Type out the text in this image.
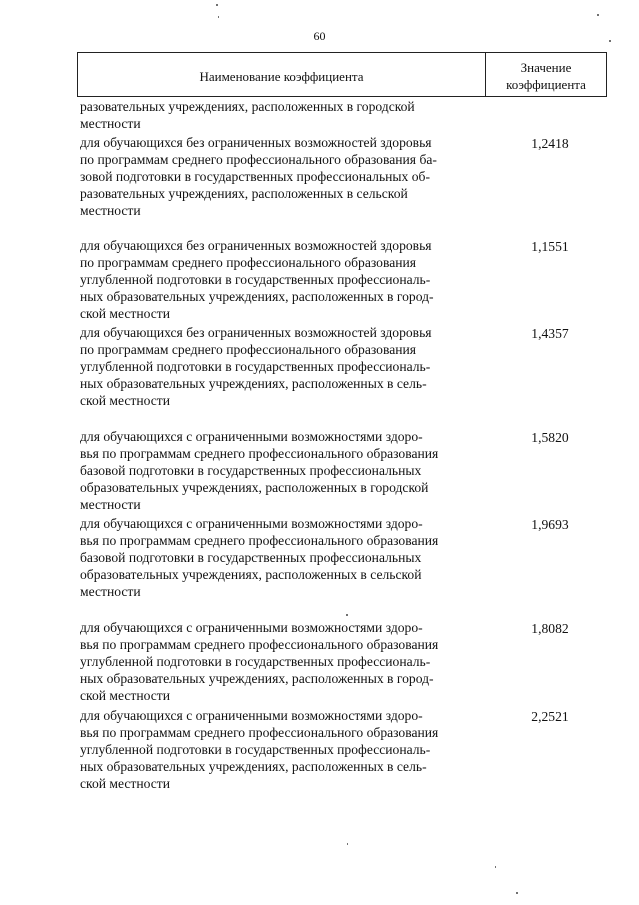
60
Наименование коэффициента
Значение
коэффициента
разовательных учреждениях, расположенных в городской
местности
для обучающихся без ограниченных возможностей здоровья
по программам среднего профессионального образования ба-
зовой подготовки в государственных профессиональных об-
разовательных учреждениях, расположенных в сельской
местности
1,2418
для обучающихся без ограниченных возможностей здоровья
по программам среднего профессионального образования
углубленной подготовки в государственных профессиональ-
ных образовательных учреждениях, расположенных в город-
ской местности
1,1551
для обучающихся без ограниченных возможностей здоровья
по программам среднего профессионального образования
углубленной подготовки в государственных профессиональ-
ных образовательных учреждениях, расположенных в сель-
ской местности
1,4357
для обучающихся с ограниченными возможностями здоро-
вья по программам среднего профессионального образования
базовой подготовки в государственных профессиональных
образовательных учреждениях, расположенных в городской
местности
1,5820
для обучающихся с ограниченными возможностями здоро-
вья по программам среднего профессионального образования
базовой подготовки в государственных профессиональных
образовательных учреждениях, расположенных в сельской
местности
1,9693
для обучающихся с ограниченными возможностями здоро-
вья по программам среднего профессионального образования
углубленной подготовки в государственных профессиональ-
ных образовательных учреждениях, расположенных в город-
ской местности
1,8082
для обучающихся с ограниченными возможностями здоро-
вья по программам среднего профессионального образования
углубленной подготовки в государственных профессиональ-
ных образовательных учреждениях, расположенных в сель-
ской местности
2,2521
